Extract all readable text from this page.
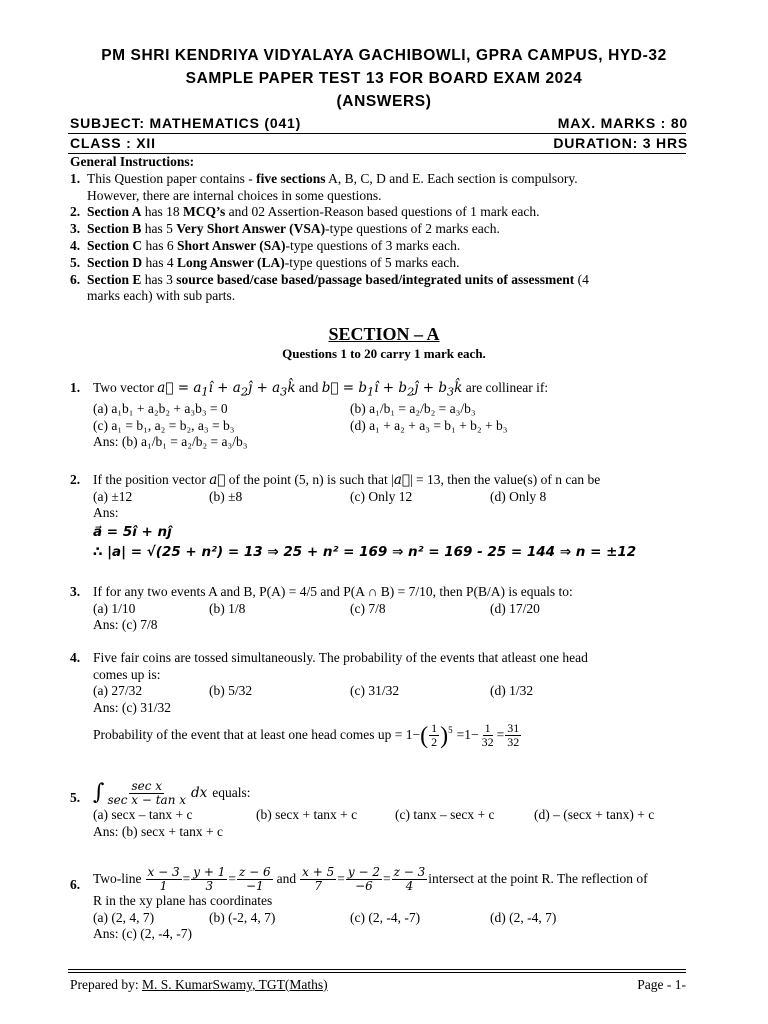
PM SHRI KENDRIYA VIDYALAYA GACHIBOWLI, GPRA CAMPUS, HYD-32
SAMPLE PAPER TEST 13 FOR BOARD EXAM 2024
(ANSWERS)
SUBJECT: MATHEMATICS (041)	MAX. MARKS : 80
CLASS : XII	DURATION: 3 HRS
General Instructions:
1. This Question paper contains - five sections A, B, C, D and E. Each section is compulsory.
However, there are internal choices in some questions.
2. Section A has 18 MCQ’s and 02 Assertion-Reason based questions of 1 mark each.
3. Section B has 5 Very Short Answer (VSA)-type questions of 2 marks each.
4. Section C has 6 Short Answer (SA)-type questions of 3 marks each.
5. Section D has 4 Long Answer (LA)-type questions of 5 marks each.
6. Section E has 3 source based/case based/passage based/integrated units of assessment (4
marks each) with sub parts.
SECTION – A
Questions 1 to 20 carry 1 mark each.
1. Two vector a⃗ = $a_1î$ + $a_2ĵ$ + $a_3k̂$ and b⃗ = $b_1î$ + $b_2ĵ$ + $b_3k̂$ are collinear if:
(a) a₁b₁ + a₂b₂ + a₃b₃ = 0	(b) a₁/b₁ = a₂/b₂ = a₃/b₃
(c) a₁ = b₁, a₂ = b₂, a₃ = b₃	(d) a₁ + a₂ + a₃ = b₁ + b₂ + b₃
Ans: (b) a₁/b₁ = a₂/b₂ = a₃/b₃
2. If the position vector a⃗ of the point (5, n) is such that |a⃗| = 13, then the value(s) of n can be
(a) ±12	(b) ±8	(c) Only 12	(d) Only 8
Ans:
a⃗ = 5î + nĵ
∴ |a| = √(25 + n²) = 13 ⇒ 25 + n² = 169 ⇒ n² = 169 - 25 = 144 ⇒ n = ±12
3. If for any two events A and B, P(A) = 4/5 and P(A ∩ B) = 7/10, then P(B/A) is equals to:
(a) 1/10	(b) 1/8	(c) 7/8	(d) 17/20
Ans: (c) 7/8
4. Five fair coins are tossed simultaneously. The probability of the events that atleast one head
comes up is:
(a) 27/32	(b) 5/32	(c) 31/32	(d) 1/32
Ans: (c) 31/32
Probability of the event that at least one head comes up = 1− ( $\frac{1}{2} )^5 =1- \frac{1}{32} = \frac{31}{32}$
5. ∫ $\frac{\text{sec x}}{\text{sec x − tan x}}$ dx equals:
(a) secx – tanx + c	(b) secx + tanx + c	(c) tanx – secx + c	(d) – (secx + tanx) + c
Ans: (b) secx + tanx + c
6. Two-line $\frac{x - 3}{1} = \frac{y + 1}{3} = \frac{z - 6}{-1}$ and $\frac{x + 5}{7} = \frac{y - 2}{-6} = \frac{z - 3}{4}$ intersect at the point R. The reflection of
R in the xy plane has coordinates
(a) (2, 4, 7)	(b) (-2, 4, 7)	(c) (2, -4, -7)	(d) (2, -4, 7)
Ans: (c) (2, -4, -7)
Prepared by: M. S. KumarSwamy, TGT(Maths)	Page - 1-
